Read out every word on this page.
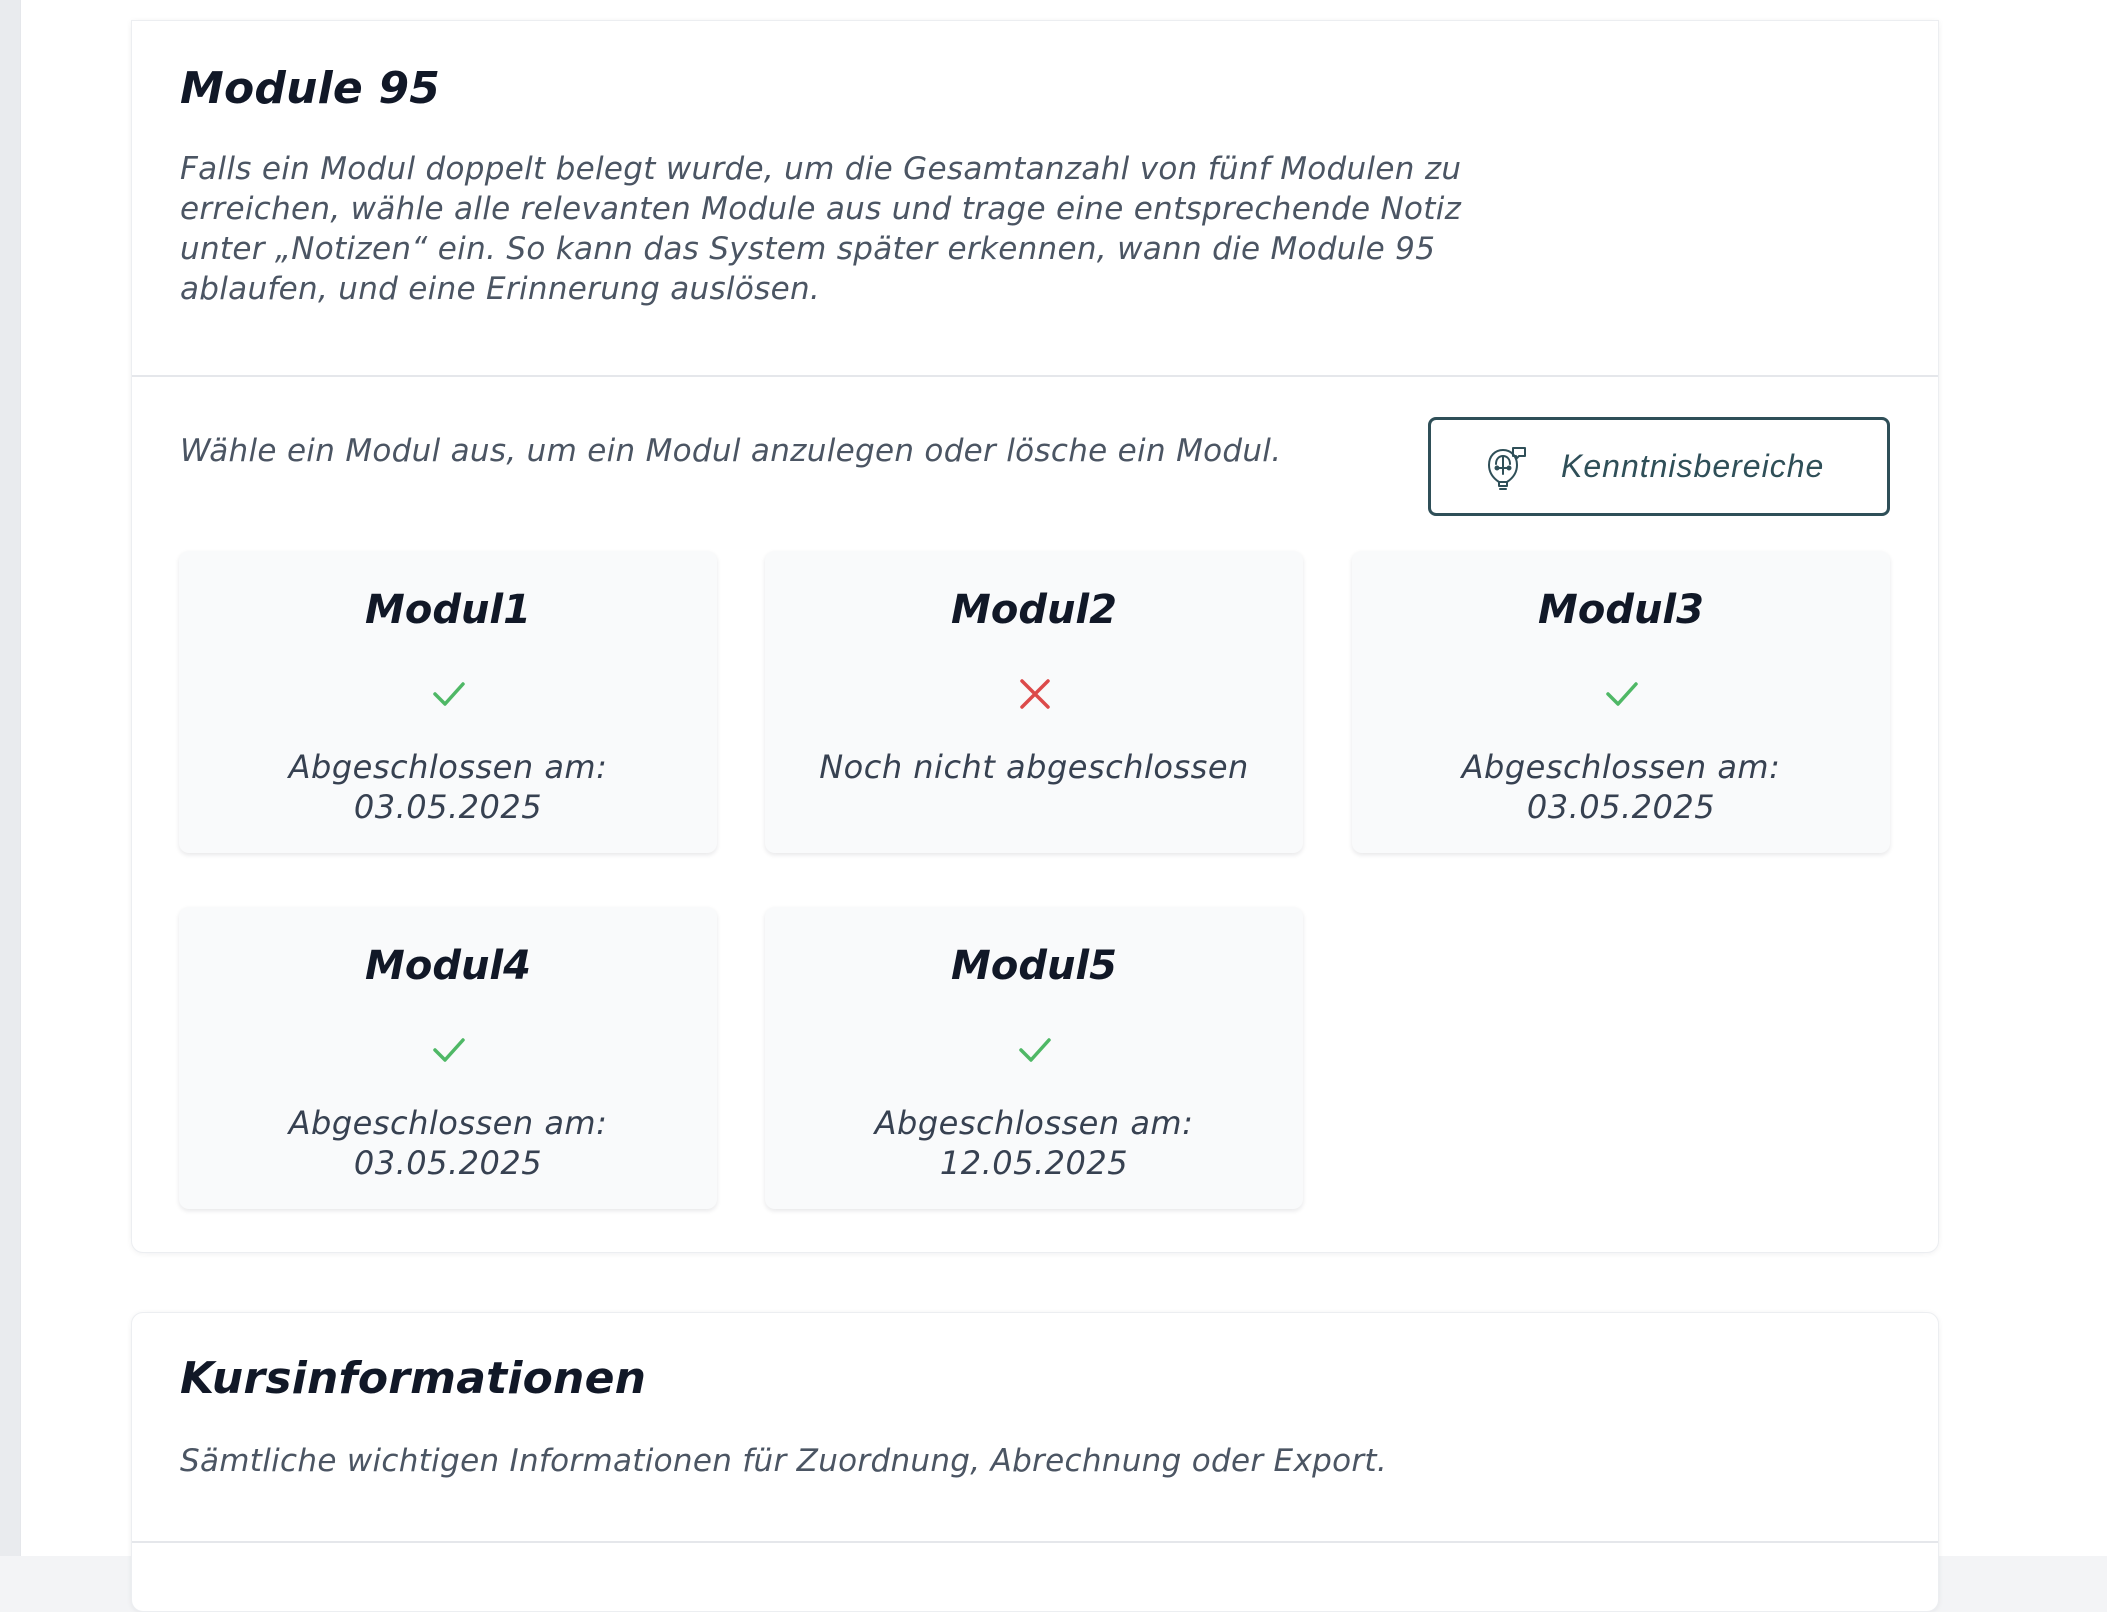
Module 95

Falls ein Modul doppelt belegt wurde, um die Gesamtanzahl von fünf Modulen zu erreichen, wähle alle relevanten Module aus und trage eine entsprechende Notiz unter „Notizen“ ein. So kann das System später erkennen, wann die Module 95 ablaufen, und eine Erinnerung auslösen.

Wähle ein Modul aus, um ein Modul anzulegen oder lösche ein Modul.	Kenntnisbereiche
Modul1

Abgeschlossen am:

03.05.2025

Modul2

Noch nicht abgeschlossen

Modul3

Abgeschlossen am:

03.05.2025

Modul4

Abgeschlossen am:

03.05.2025

Modul5

Abgeschlossen am:

12.05.2025

Kursinformationen

Sämtliche wichtigen Informationen für Zuordnung, Abrechnung oder Export.
